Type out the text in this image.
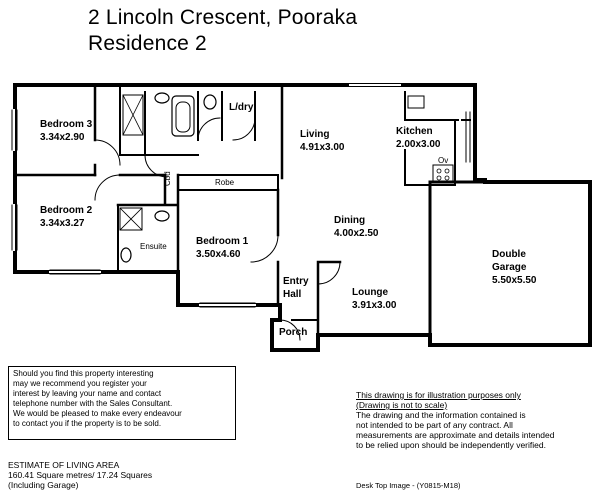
2 Lincoln Crescent, Pooraka
Residence 2
Bedroom 3
3.34x2.90
Bedroom 2
3.34x3.27
Bedroom 1
3.50x4.60
Living
4.91x3.00
Kitchen
2.00x3.00
Dining
4.00x2.50
Lounge
3.91x3.00
Double
Garage
5.50x5.50
Entry
Hall
Porch
L/dry
Robe
Cbd
Ensuite
Ov
Should you find this property interesting
may we recommend you register your
interest by leaving your name and contact
telephone number with the Sales Consultant.
We would be pleased to make every endeavour
to contact you if the property is to be sold.
This drawing is for illustration purposes only
(Drawing is not to scale)
The drawing and the information contained is
not intended to be part of any contract. All
measurements are approximate and details intended
to be relied upon should be independently verified.
ESTIMATE OF LIVING AREA
160.41 Square metres/ 17.24 Squares
(Including Garage)	Desk Top Image - (Y0815-M18)
